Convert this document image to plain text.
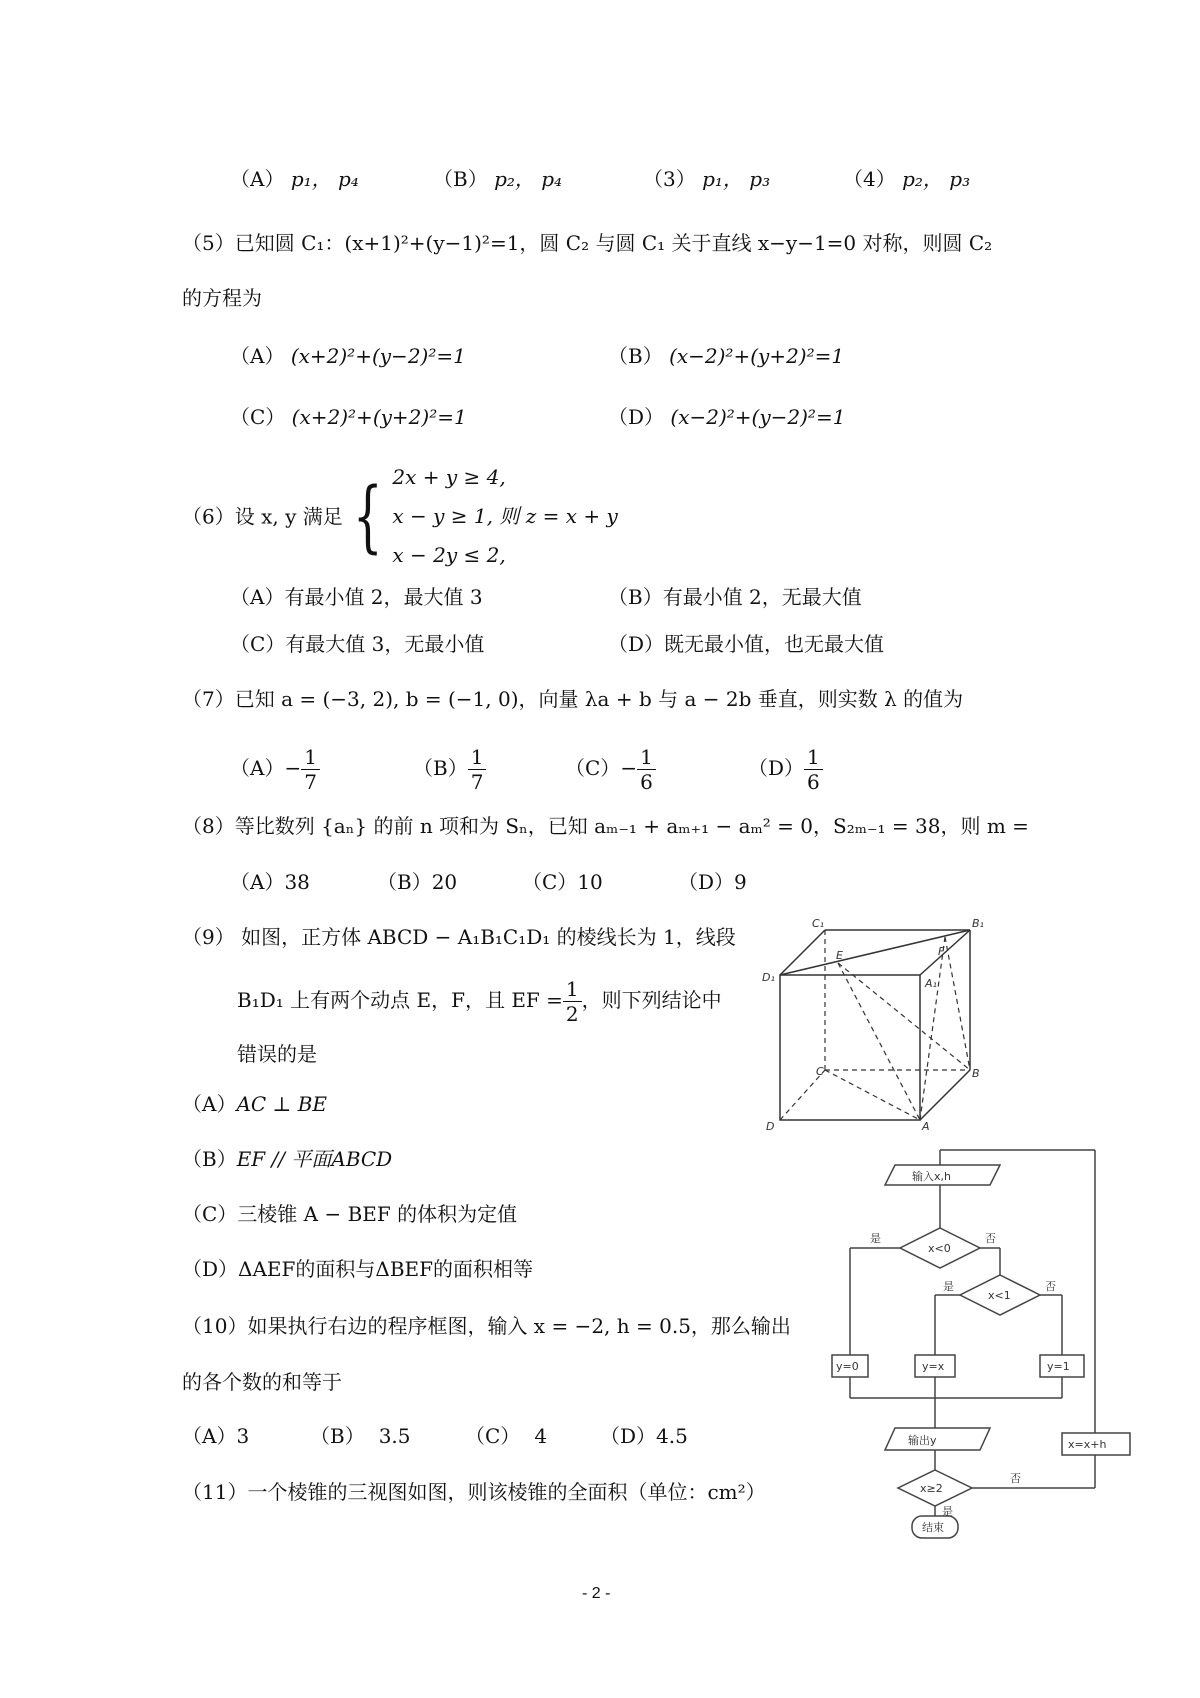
（A） p₁， p₄	（B） p₂， p₄	（3） p₁， p₃	（4） p₂， p₃
（5）已知圆 C₁：(x+1)²+(y−1)²=1，圆 C₂ 与圆 C₁ 关于直线 x−y−1=0 对称，则圆 C₂
的方程为
（A） (x+2)²+(y−2)²=1	（B） (x−2)²+(y+2)²=1
（C） (x+2)²+(y+2)²=1	（D） (x−2)²+(y−2)²=1
（6）设 x, y 满足 { 2x + y ≥ 4,
x − y ≥ 1, 则 z = x + y
x − 2y ≤ 2,
（A）有最小值 2，最大值 3	（B）有最小值 2，无最大值
（C）有最大值 3，无最小值	（D）既无最小值，也无最大值
（7）已知 a = (−3, 2), b = (−1, 0)，向量 λa + b 与 a − 2b 垂直，则实数 λ 的值为
$(A)- \frac{1}{7}$	$(B) \frac{1}{7}$	$(C)- \frac{1}{6}$	$(D) \frac{1}{6}$
（8）等比数列 {aₙ} 的前 n 项和为 Sₙ，已知 aₘ₋₁ + aₘ₊₁ − aₘ² = 0，S₂ₘ₋₁ = 38，则 m =
（A）38	（B）20	（C）10	（D）9
（9） 如图，正方体 ABCD − A₁B₁C₁D₁ 的棱线长为 1，线段
B₁D₁ 上有两个动点 E，F，且 EF = $\frac{1}{2}$ ，则下列结论中
错误的是
（A）AC ⊥ BE
（B）EF // 平面ABCD
（C）三棱锥 A − BEF 的体积为定值
（D）ΔAEF的面积与ΔBEF的面积相等
C₁	B₁
D₁	A₁
E	F
C	B
D	A
（10）如果执行右边的程序框图，输入 x = −2, h = 0.5，那么输出
的各个数的和等于
（A）3	（B） 3.5	（C） 4	（D）4.5
输入x,h
x<0
是	否
x<1
是	否
y=0	y=x	y=1
输出y	x=x+h
x≥2
否
是
结束
（11）一个棱锥的三视图如图，则该棱锥的全面积（单位：cm²）
- 2 -
